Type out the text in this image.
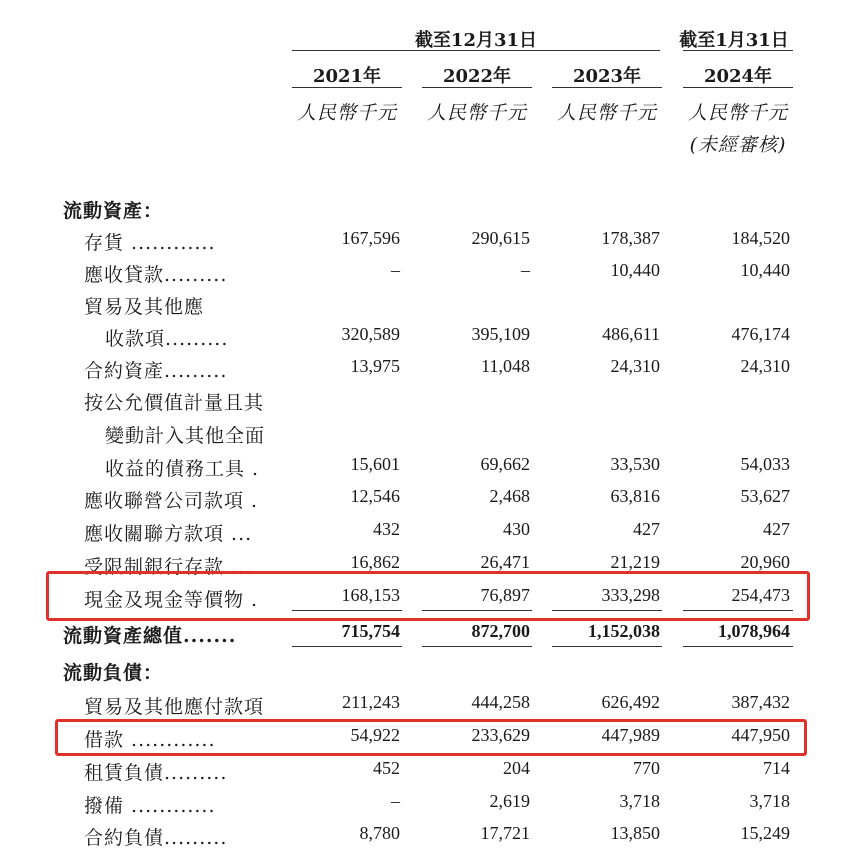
截至12月31日	截至1月31日
2021年	2022年	2023年	2024年
人民幣千元 人民幣千元 人民幣千元 人民幣千元
(未經審核)
流動資產：
存貨 ............	167,596	290,615	178,387	184,520
應收貸款.........	–	–	10,440	10,440
貿易及其他應
收款項.........	320,589	395,109	486,611	476,174
合約資產.........	13,975	11,048	24,310	24,310
按公允價值計量且其
變動計入其他全面
收益的債務工具 .	15,601	69,662	33,530	54,033
應收聯營公司款項 .	12,546	2,468	63,816	53,627
應收關聯方款項 ...	432	430	427	427
受限制銀行存款 ...	16,862	26,471	21,219	20,960
現金及現金等價物 .	168,153	76,897	333,298	254,473
流動資產總值.......	715,754	872,700	1,152,038	1,078,964
流動負債：
貿易及其他應付款項	211,243	444,258	626,492	387,432
借款 ............	54,922	233,629	447,989	447,950
租賃負債.........	452	204	770	714
撥備 ............	–	2,619	3,718	3,718
合約負債.........	8,780	17,721	13,850	15,249
